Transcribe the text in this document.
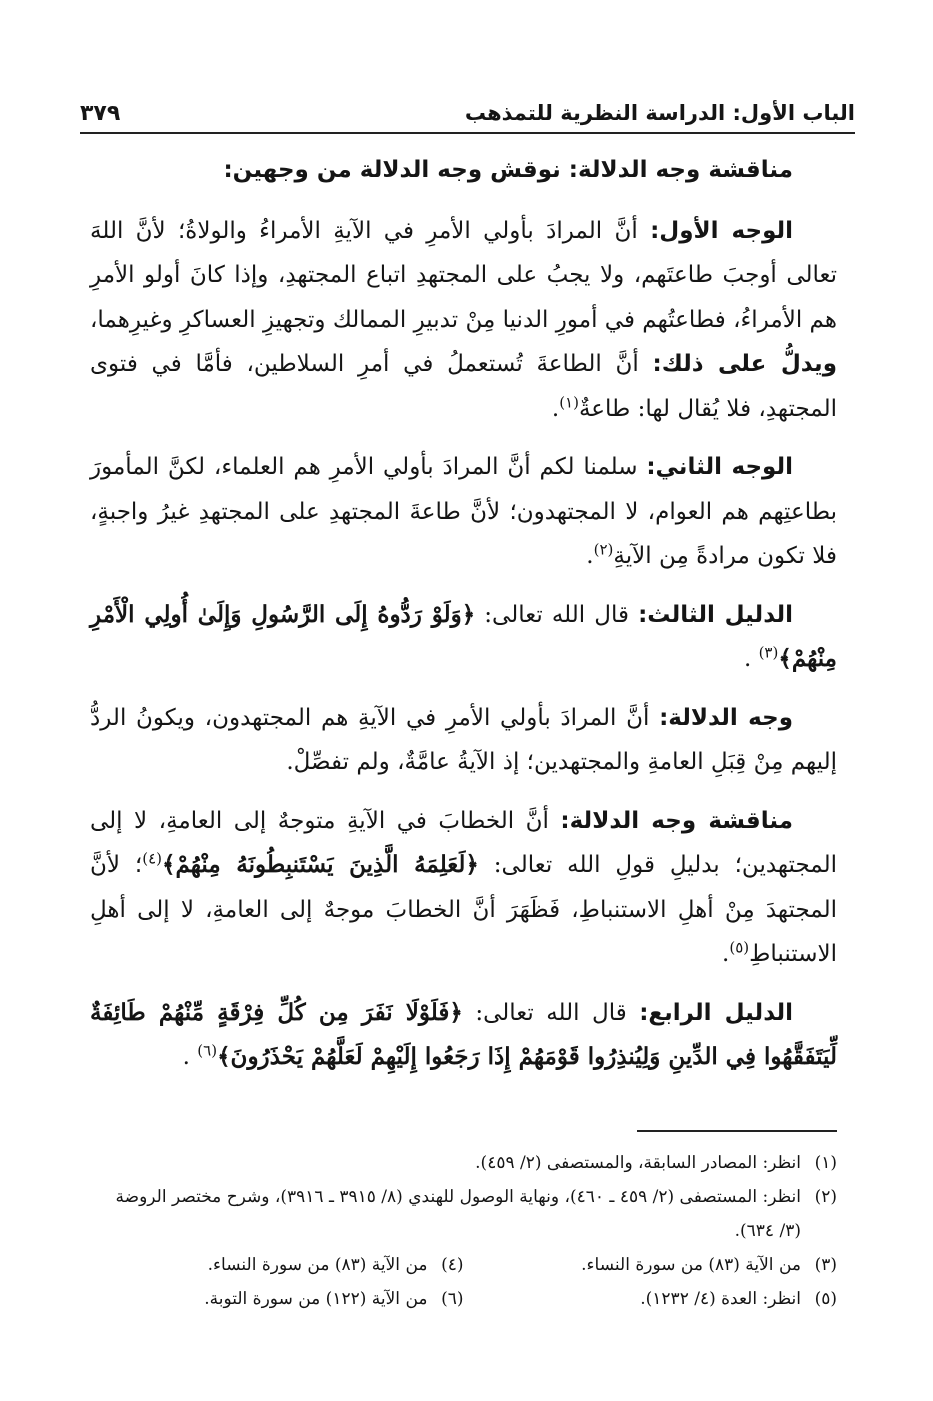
الباب الأول: الدراسة النظرية للتمذهب
٣٧٩

مناقشة وجه الدلالة: نوقش وجه الدلالة من وجهين:

الوجه الأول: أنَّ المرادَ بأولي الأمرِ في الآيةِ الأمراءُ والولاةُ؛ لأنَّ اللهَ تعالى أوجبَ طاعتَهم، ولا يجبُ على المجتهدِ اتباع المجتهدِ، وإذا كانَ أولو الأمرِ هم الأمراءُ، فطاعتُهم في أمورِ الدنيا مِنْ تدبيرِ الممالك وتجهيزِ العساكرِ وغيرِهما، ويدلُّ على ذلك: أنَّ الطاعةَ تُستعملُ في أمرِ السلاطين، فأمَّا في فتوى المجتهدِ، فلا يُقال لها: طاعةٌ$^{(١)}$.

الوجه الثاني: سلمنا لكم أنَّ المرادَ بأولي الأمرِ هم العلماء، لكنَّ المأمورَ بطاعتِهم هم العوام، لا المجتهدون؛ لأنَّ طاعةَ المجتهدِ على المجتهدِ غيرُ واجبةٍ، فلا تكون مرادةً مِن الآيةِ$^{(٢)}$.

الدليل الثالث: قال الله تعالى: ﴿وَلَوْ رَدُّوهُ إِلَى الرَّسُولِ وَإِلَىٰ أُولِي الْأَمْرِ مِنْهُمْ﴾$^{(٣)}$ .

وجه الدلالة: أنَّ المرادَ بأولي الأمرِ في الآيةِ هم المجتهدون، ويكونُ الردُّ إليهم مِنْ قِبَلِ العامةِ والمجتهدين؛ إذ الآيةُ عامَّةٌ، ولم تفصِّلْ.

مناقشة وجه الدلالة: أنَّ الخطابَ في الآيةِ متوجهٌ إلى العامةِ، لا إلى المجتهدين؛ بدليلِ قولِ الله تعالى: ﴿لَعَلِمَهُ الَّذِينَ يَسْتَنبِطُونَهُ مِنْهُمْ﴾$^{(٤)}$؛ لأنَّ المجتهدَ مِنْ أهلِ الاستنباطِ، فَظَهَرَ أنَّ الخطابَ موجهٌ إلى العامةِ، لا إلى أهلِ الاستنباطِ$^{(٥)}$.

الدليل الرابع: قال الله تعالى: ﴿فَلَوْلَا نَفَرَ مِن كُلِّ فِرْقَةٍ مِّنْهُمْ طَائِفَةٌ لِّيَتَفَقَّهُوا فِي الدِّينِ وَلِيُنذِرُوا قَوْمَهُمْ إِذَا رَجَعُوا إِلَيْهِمْ لَعَلَّهُمْ يَحْذَرُونَ﴾$^{(٦)}$ .

(١)
انظر: المصادر السابقة، والمستصفى (٢/ ٤٥٩).
(٢)
انظر: المستصفى (٢/ ٤٥٩ ـ ٤٦٠)، ونهاية الوصول للهندي (٨/ ٣٩١٥ ـ ٣٩١٦)، وشرح مختصر الروضة (٣/ ٦٣٤).
(٣)
من الآية (٨٣) من سورة النساء.
(٤)
من الآية (٨٣) من سورة النساء.
(٥)
انظر: العدة (٤/ ١٢٣٢).
(٦)
من الآية (١٢٢) من سورة التوبة.
